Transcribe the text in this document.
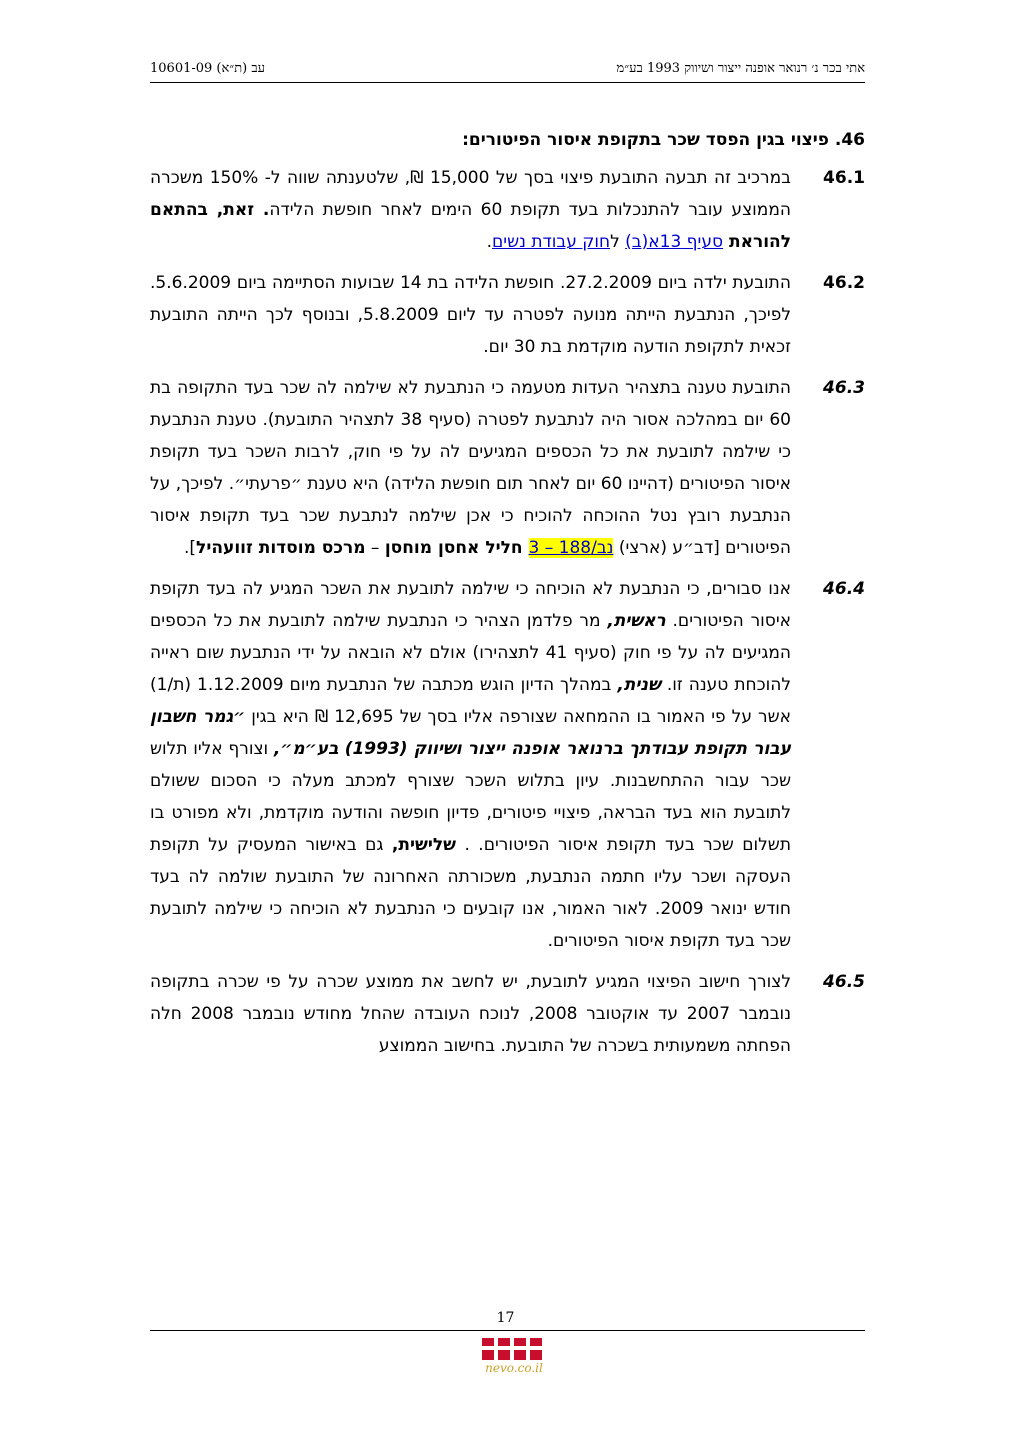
10601-09 (ת״א) עב	אתי בכר נ׳ רנואר אופנה ייצור ושיווק 1993 בע״מ
46. פיצוי בגין הפסד שכר בתקופת איסור הפיטורים:
46.1
במרכיב זה תבעה התובעת פיצוי בסך של 15,000 ₪, שלטענתה שווה ל- 150% משכרה הממוצע עובר להתנכלות בעד תקופת 60 הימים לאחר חופשת הלידה. זאת, בהתאם להוראת סעיף 13א(ב) לחוק עבודת נשים.
46.2
התובעת ילדה ביום 27.2.2009. חופשת הלידה בת 14 שבועות הסתיימה ביום 5.6.2009. לפיכך, הנתבעת הייתה מנועה לפטרה עד ליום 5.8.2009, ובנוסף לכך הייתה התובעת זכאית לתקופת הודעה מוקדמת בת 30 יום.
46.3
התובעת טענה בתצהיר העדות מטעמה כי הנתבעת לא שילמה לה שכר בעד התקופה בת 60 יום במהלכה אסור היה לנתבעת לפטרה (סעיף 38 לתצהיר התובעת). טענת הנתבעת כי שילמה לתובעת את כל הכספים המגיעים לה על פי חוק, לרבות השכר בעד תקופת איסור הפיטורים (דהיינו 60 יום לאחר תום חופשת הלידה) היא טענת ״פרעתי״. לפיכך, על הנתבעת רובץ נטל ההוכחה להוכיח כי אכן שילמה לנתבעת שכר בעד תקופת איסור הפיטורים [דב״ע (ארצי) נב/188 – 3 חליל אחסן מוחסן – מרכס מוסדות זוועהיל].
46.4
אנו סבורים, כי הנתבעת לא הוכיחה כי שילמה לתובעת את השכר המגיע לה בעד תקופת איסור הפיטורים. ראשית, מר פלדמן הצהיר כי הנתבעת שילמה לתובעת את כל הכספים המגיעים לה על פי חוק (סעיף 41 לתצהירו) אולם לא הובאה על ידי הנתבעת שום ראייה להוכחת טענה זו. שנית, במהלך הדיון הוגש מכתבה של הנתבעת מיום 1.12.2009 (ת/1) אשר על פי האמור בו ההמחאה שצורפה אליו בסך של 12,695 ₪ היא בגין ״גמר חשבון עבור תקופת עבודתך ברנואר אופנה ייצור ושיווק (1993) בע״מ״, וצורף אליו תלוש שכר עבור ההתחשבנות. עיון בתלוש השכר שצורף למכתב מעלה כי הסכום ששולם לתובעת הוא בעד הבראה, פיצויי פיטורים, פדיון חופשה והודעה מוקדמת, ולא מפורט בו תשלום שכר בעד תקופת איסור הפיטורים. . שלישית, גם באישור המעסיק על תקופת העסקה ושכר עליו חתמה הנתבעת, משכורתה האחרונה של התובעת שולמה לה בעד חודש ינואר 2009. לאור האמור, אנו קובעים כי הנתבעת לא הוכיחה כי שילמה לתובעת שכר בעד תקופת איסור הפיטורים.
46.5
לצורך חישוב הפיצוי המגיע לתובעת, יש לחשב את ממוצע שכרה על פי שכרה בתקופה נובמבר 2007 עד אוקטובר 2008, לנוכח העובדה שהחל מחודש נובמבר 2008 חלה הפחתה משמעותית בשכרה של התובעת. בחישוב הממוצע
17
nevo.co.il
